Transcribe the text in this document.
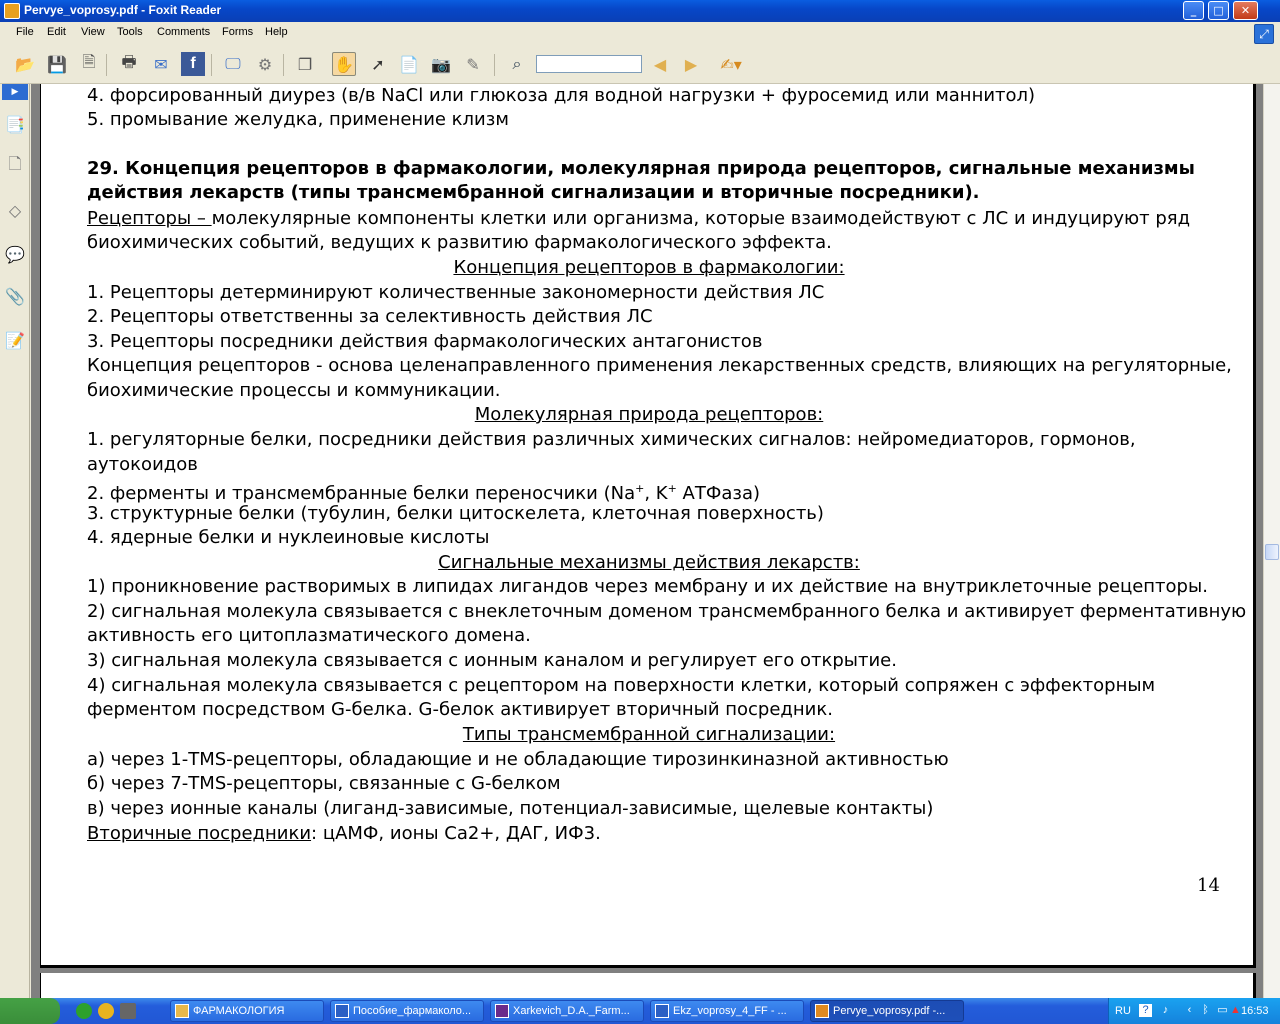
Pervye_voprosy.pdf - Foxit Reader	_	□	✕
File Edit View Tools Comments Forms Help	⤢
📂 💾 🗎	🖶	✉	f	🖵	⚙	❐	✋	➚ 📄 📷 ✎	⌕	◀	▶	✍▾
▶
📑
🗋
◇
💬
📎
📝
4. форсированный диурез (в/в NaCl или глюкоза для водной нагрузки + фуросемид или маннитол)
5. промывание желудка, применение клизм
29. Концепция рецепторов в фармакологии, молекулярная природа рецепторов, сигнальные механизмы
действия лекарств (типы трансмембранной сигнализации и вторичные посредники).
Рецепторы – молекулярные компоненты клетки или организма, которые взаимодействуют с ЛС и индуцируют ряд
биохимических событий, ведущих к развитию фармакологического эффекта.
Концепция рецепторов в фармакологии:
1. Рецепторы детерминируют количественные закономерности действия ЛС
2. Рецепторы ответственны за селективность действия ЛС
3. Рецепторы посредники действия фармакологических антагонистов
Концепция рецепторов - основа целенаправленного применения лекарственных средств, влияющих на регуляторные,
биохимические процессы и коммуникации.
Молекулярная природа рецепторов:
1. регуляторные белки, посредники действия различных химических сигналов: нейромедиаторов, гормонов,
аутокоидов
2. ферменты и трансмембранные белки переносчики (Na+, K+ АТФаза)
3. структурные белки (тубулин, белки цитоскелета, клеточная поверхность)
4. ядерные белки и нуклеиновые кислоты
Сигнальные механизмы действия лекарств:
1) проникновение растворимых в липидах лигандов через мембрану и их действие на внутриклеточные рецепторы.
2) сигнальная молекула связывается с внеклеточным доменом трансмембранного белка и активирует ферментативную
активность его цитоплазматического домена.
3) сигнальная молекула связывается с ионным каналом и регулирует его открытие.
4) сигнальная молекула связывается с рецептором на поверхности клетки, который сопряжен с эффекторным
ферментом посредством G-белка. G-белок активирует вторичный посредник.
Типы трансмембранной сигнализации:
а) через 1-TMS-рецепторы, обладающие и не обладающие тирозинкиназной активностью
б) через 7-TMS-рецепторы, связанные с G-белком
в) через ионные каналы (лиганд-зависимые, потенциал-зависимые, щелевые контакты)
Вторичные посредники: цАМФ, ионы Са2+, ДАГ, ИФ3.
14
ФАРМАКОЛОГИЯ	Пособие_фармаколо...	Xarkevich_D.A._Farm...	Ekz_voprosy_4_FF - ...	Pervye_voprosy.pdf -...	RU	?	♪	‹ ᛒ ▭ ▲ 16:53
